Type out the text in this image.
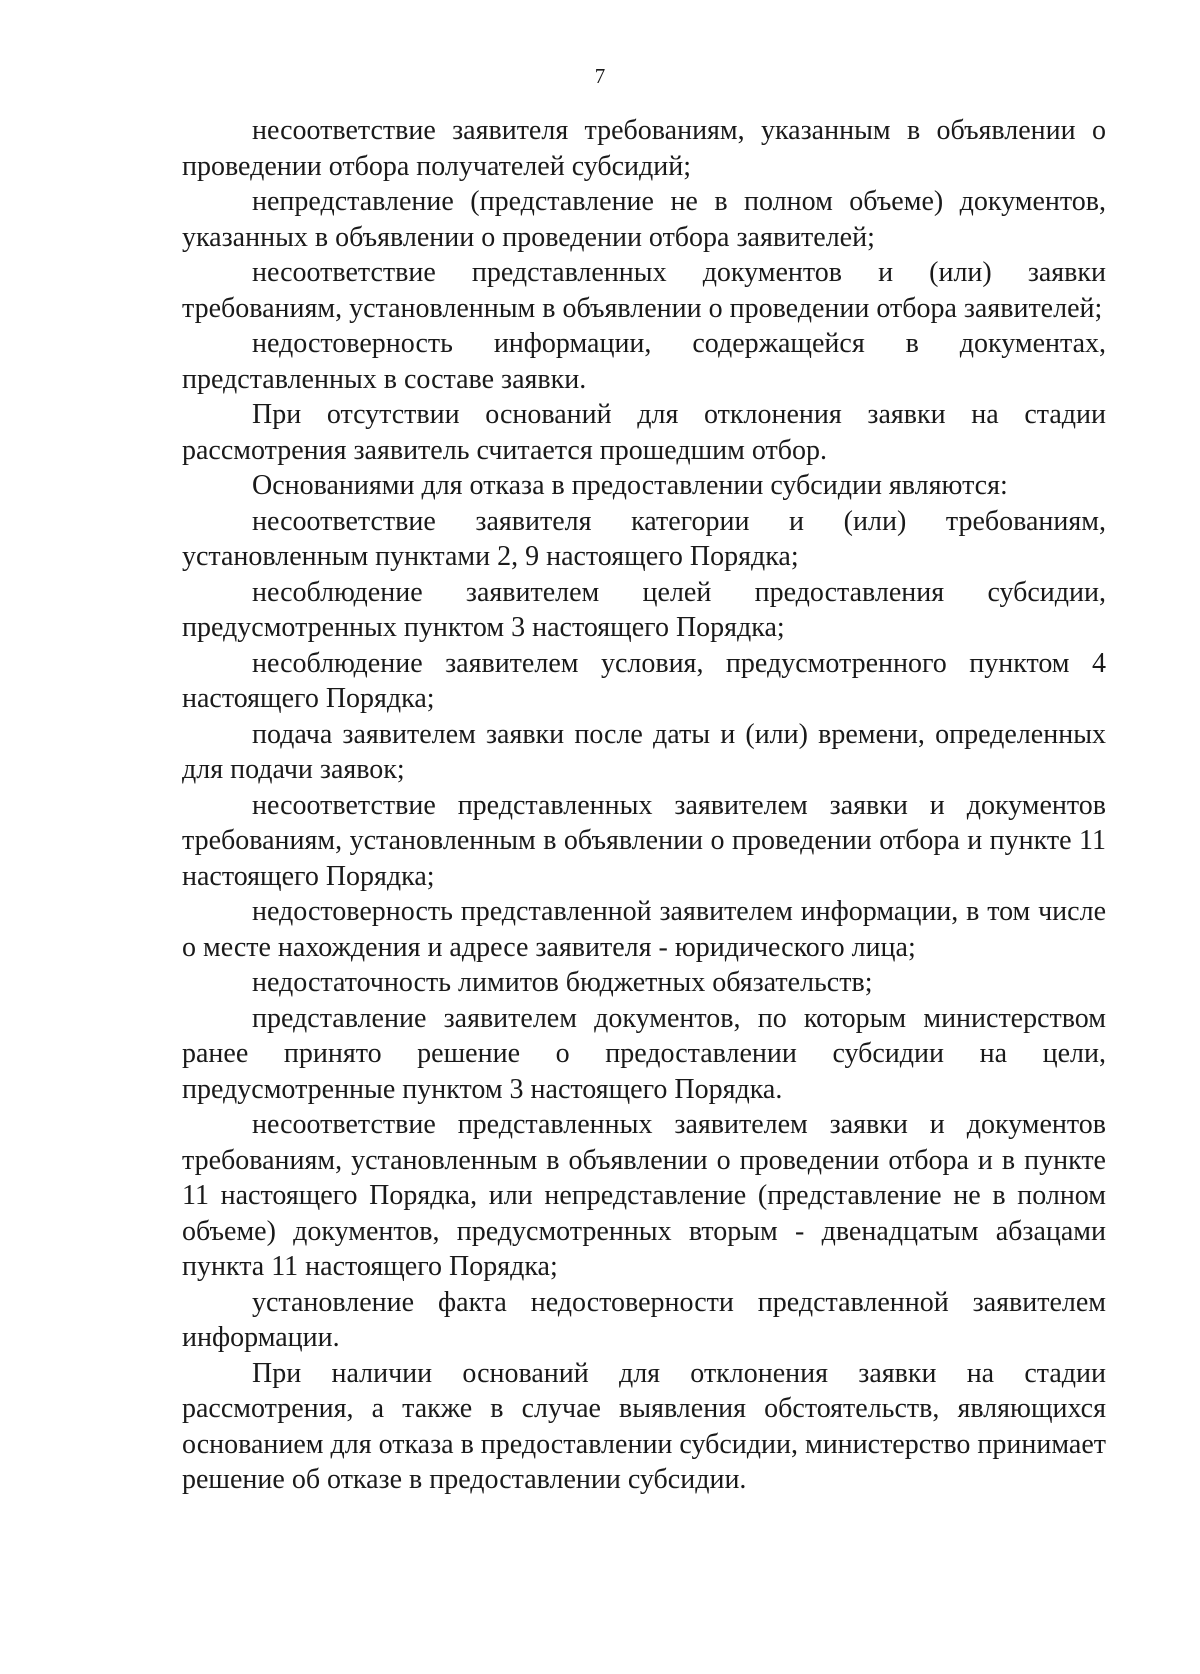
7

несоответствие заявителя требованиям, указанным в объявлении о проведении отбора получателей субсидий;

непредставление (представление не в полном объеме) документов, указанных в объявлении о проведении отбора заявителей;

несоответствие представленных документов и (или) заявки требованиям, установленным в объявлении о проведении отбора заявителей;

недостоверность информации, содержащейся в документах, представленных в составе заявки.

При отсутствии оснований для отклонения заявки на стадии рассмотрения заявитель считается прошедшим отбор.

Основаниями для отказа в предоставлении субсидии являются:

несоответствие заявителя категории и (или) требованиям, установленным пунктами 2, 9 настоящего Порядка;

несоблюдение заявителем целей предоставления субсидии, предусмотренных пунктом 3 настоящего Порядка;

несоблюдение заявителем условия, предусмотренного пунктом 4 настоящего Порядка;

подача заявителем заявки после даты и (или) времени, определенных для подачи заявок;

несоответствие представленных заявителем заявки и документов требованиям, установленным в объявлении о проведении отбора и пункте 11 настоящего Порядка;

недостоверность представленной заявителем информации, в том числе о месте нахождения и адресе заявителя - юридического лица;

недостаточность лимитов бюджетных обязательств;

представление заявителем документов, по которым министерством ранее принято решение о предоставлении субсидии на цели, предусмотренные пунктом 3 настоящего Порядка.

несоответствие представленных заявителем заявки и документов требованиям, установленным в объявлении о проведении отбора и в пункте 11 настоящего Порядка, или непредставление (представление не в полном объеме) документов, предусмотренных вторым - двенадцатым абзацами пункта 11 настоящего Порядка;

установление факта недостоверности представленной заявителем информации.

При наличии оснований для отклонения заявки на стадии рассмотрения, а также в случае выявления обстоятельств, являющихся основанием для отказа в предоставлении субсидии, министерство принимает решение об отказе в предоставлении субсидии.
